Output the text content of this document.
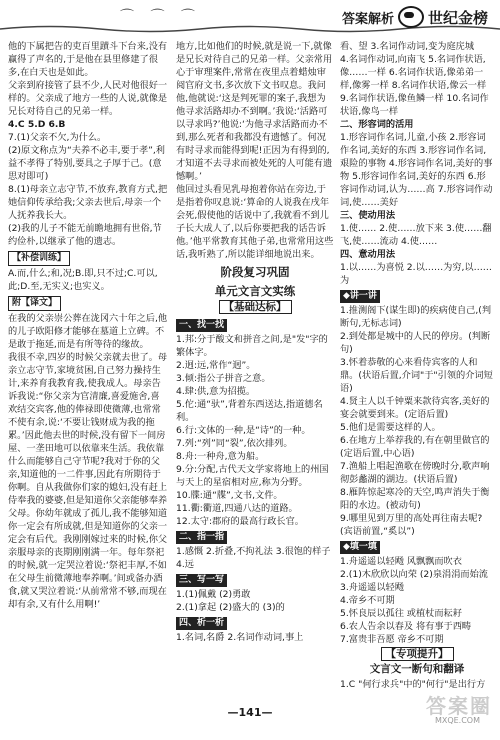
⌒ ⌒ ⌒	答案解析 世纪金榜

他的下属把告的吏百里蹟斗下台来,没有赢得了声名的,于是他在县里修建了很多,在白天也是如此。

父亲到府接管了县不少,人民对他很好一样的。父亲成了地方一些的人说,就像是兄长对待自己的兄弟一样。

4.C 5.D 6.B

7.(1)父亲不欠,为什么。

(2)原文称点为“夫养不必丰,要于孝”,利益不孝得了特别,要具之子厚于己。(意思对即可)

8.(1)母亲立志守节,不放弃,教育方式,把她信仰传承给我;父亲去世后,母亲一个人抚养我长大。

(2)我的儿子不能无前瞻地拥有世俗,节约俭朴,以继承了他的遗志。

【补偿训练】

A.而,什么;和,况;B.即,只不过;C.可以,此;D.至,无实义;也实义。

附【译文】

在我的父亲崇公葬在泷冈六十年之后,他的儿子欧阳修才能够在墓道上立碑。不是敢于拖延,而是有所等待的缘故。

我很不幸,四岁的时候父亲就去世了。母亲立志守节,家境贫困,自己努力操持生计,来养育我教育我,使我成人。母亲告诉我说:“你父亲为官清廉,喜爱施舍,喜欢结交宾客,他的俸禄即使微薄,也常常不使有余,说:‘不要让钱财成为我的拖累。’因此他去世的时候,没有留下一间房屋、一垄田地可以依靠来生活。我依靠什么而能够自己守节呢?我对于你的父亲,知道他的一二件事,因此有所期待于你啊。自从我做你们家的媳妇,没有赶上侍奉我的婆婆,但是知道你父亲能够奉养父母。你幼年就成了孤儿,我不能够知道你一定会有所成就,但是知道你的父亲一定会有后代。我刚刚嫁过来的时候,你父亲服母亲的丧期刚刚满一年。每年祭祀的时候,就一定哭泣着说:‘祭祀丰厚,不如在父母生前微薄地奉养啊。’间或备办酒食,就又哭泣着说:‘从前常常不够,而现在却有余,又有什么用啊!’

地方,比如他们的时候,就是说一下,就像是兄长对待自己的兄弟一样。父亲常用心于审理案件,常常在夜里点着蜡烛审阅官府文书,多次放下文书叹息。我问他,他就说:‘这是判死罪的案子,我想为他寻求活路却办不到啊。’我说:‘活路可以寻求吗?’他说:‘为他寻求活路而办不到,那么死者和我都没有遗憾了。何况有时寻求而能得到呢!正因为有得到的,才知道不去寻求而被处死的人可能有遗憾啊。’

他回过头看见乳母抱着你站在旁边,于是指着你叹息说:‘算命的人说我在戌年会死,假使他的话说中了,我就看不到儿子长大成人了,以后你要把我的话告诉他。’他平常教育其他子弟,也常常用这些话,我听熟了,所以能详细地说出来。

阶段复习巩固
单元文言文实练
【基础达标】

一、找一找

1.邦:分于酸文和拼音之间,是"发"字的繁体字。

2.迥:远,常作“迥”。

3.倾:指公子拼音之意。

4.肆:供,意为招揽。

5.佗:通“驮”,背着东西送达,指道德名利。

6.行:文体的一种,是“诗”的一种。

7.列:“列”同“裂”,依次排列。

8.舟:一种舟,意为船。

9.分:分配,古代天文学家将地上的州国与天上的星宿相对应,称为分野。

10.牒:通“牒”,文书,文件。

11.衢:衢道,四通八达的道路。

12.太守:郡府的最高行政长官。

二、指一指

1.感慨 2.折叠,不拘礼法 3.很饱的样子 4.远

三、写一写

1.(1)佩戴 (2)勇敢

2.(1)拿起 (2)盛大的 (3)的

四、析一析

1.名词,名爵 2.名词作动词,事上

看、望 3.名词作动词,变为庭庑城

4.名词作动词,向南飞 5.名词作状语,像……一样 6.名词作状语,像弟弟一样,像雾一样 8.名词作状语,像云一样 9.名词作状语,像鱼鳞一样 10.名词作状语,像鸟一样

二、形容词的活用

1.形容词作名词,儿童,小孩 2.形容词作名词,美好的东西 3.形容词作名词,艰险的事物 4.形容词作名词,美好的事物 5.形容词作名词,美好的东西 6.形容词作动词,认为……高 7.形容词作动词,使……美好

三、使动用法

1.使…… 2.使……放下来 3.使……翻飞,使……流动 4.使……

四、意动用法

1.以……为喜悦 2.以……为穷,以……为

◆讲一讲

1.推测阁下(谋生即)的疾病使自己,(判断句,无标志词)

2.到处都是城中的人民的停房。(判断句)

3.怀着恭敬的心来看侍宾客的人和鼎。(状语后置,介词"于"引领的介词短语)

4.贤主人以千钟粟来款待宾客,美好的宴会就要到来。(定语后置)

5.他们是需要这样的人。

6.在地方上举荐我的,有在朝里做官的(定语后置,中心语)

7.渔船上唱起渔歌在傍晚时分,歌声响彻彭蠡湖的湖边。(状语后置)

8.雁阵惊起寒冷的天空,鸣声消失于衡阳的水边。(被动句)

9.哪里见到万里的高处再往南去呢?(宾语前置,“奚以”)

◆填一填

1.舟遥遥以轻飏 风飘飘而吹衣

2.(1)木欣欣以向荣 (2)泉涓涓而始流

3.舟遥遥以轻飏

4.帝乡不可期

5.怀良辰以孤往 或植杖而耘耔

6.农人告余以春及 将有事于西畴

7.富贵非吾愿 帝乡不可期

【专项提升】
文言文一断句和翻译

1.C "何行求兵"中的"何行"是出行方

—141—	答案圈
MXQE.COM
